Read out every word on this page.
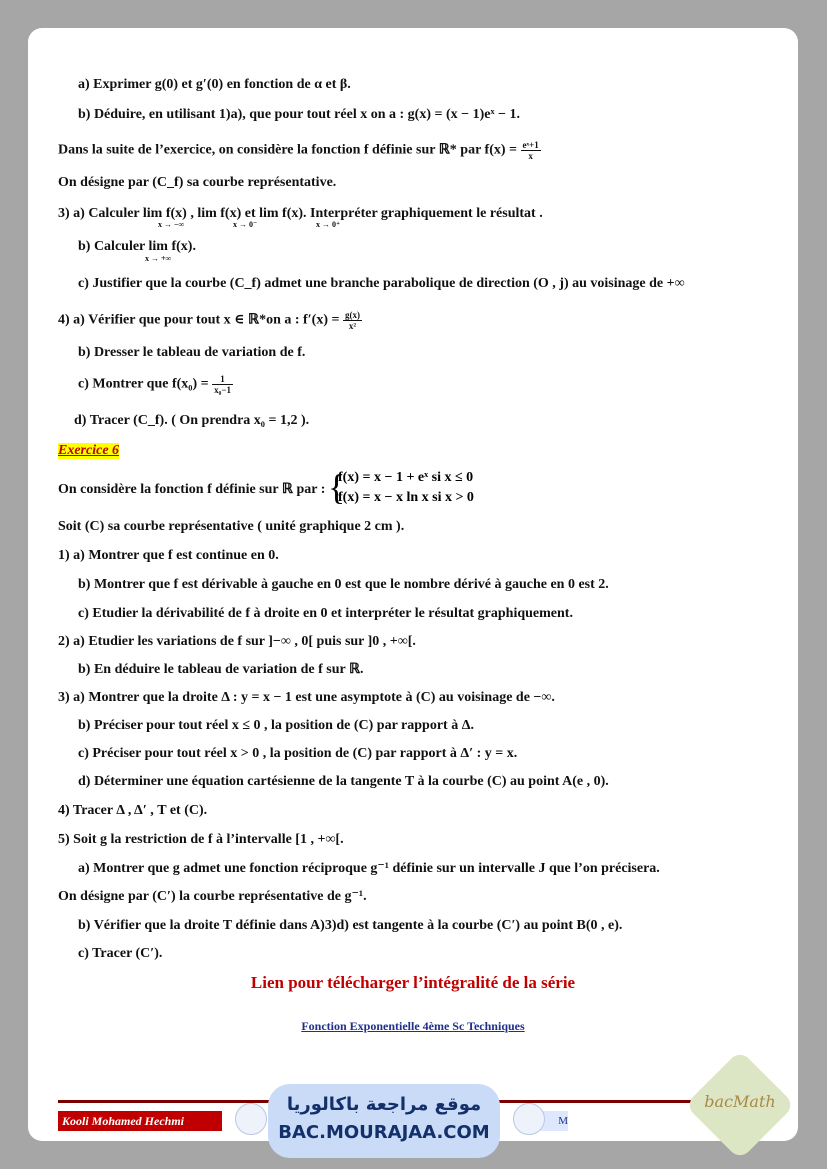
a) Exprimer g(0) et g′(0) en fonction de α et β.
b) Déduire, en utilisant 1)a), que pour tout réel x on a : g(x) = (x − 1)eˣ − 1.
Dans la suite de l’exercice, on considère la fonction f définie sur ℝ* par $f(x) = \frac{\text{eˣ+1}}{x}$
On désigne par (C_f) sa courbe représentative.
3) a) Calculer lim f(x) , lim f(x) et lim f(x). Interpréter graphiquement le résultat .
x → −∞	x → 0⁻	x → 0⁺
b) Calculer lim f(x).
x → +∞
c) Justifier que la courbe (C_f) admet une branche parabolique de direction (O , j) au voisinage de +∞
4) a) Vérifier que pour tout x ∈ ℝ*on a : $f'(x) = \frac{g(x)}{\text{x²}}$
b) Dresser le tableau de variation de f.
c) Montrer que $f(x_0) = \frac{1}{\text{x₀−1}}$
d) Tracer (C_f). ( On prendra x₀ = 1,2 ).
Exercice 6
On considère la fonction f définie sur ℝ par : {
f(x) = x − 1 + eˣ si x ≤ 0
f(x) = x − x ln x si x > 0
Soit (C) sa courbe représentative ( unité graphique 2 cm ).
1) a) Montrer que f est continue en 0.
b) Montrer que f est dérivable à gauche en 0 est que le nombre dérivé à gauche en 0 est 2.
c) Etudier la dérivabilité de f à droite en 0 et interpréter le résultat graphiquement.
2) a) Etudier les variations de f sur ]−∞ , 0[ puis sur ]0 , +∞[.
b) En déduire le tableau de variation de f sur ℝ.
3) a) Montrer que la droite Δ : y = x − 1 est une asymptote à (C) au voisinage de −∞.
b) Préciser pour tout réel x ≤ 0 , la position de (C) par rapport à Δ.
c) Préciser pour tout réel x > 0 , la position de (C) par rapport à Δ′ : y = x.
d) Déterminer une équation cartésienne de la tangente T à la courbe (C) au point A(e , 0).
4) Tracer Δ , Δ′ , T et (C).
5) Soit g la restriction de f à l’intervalle [1 , +∞[.
a) Montrer que g admet une fonction réciproque g⁻¹ définie sur un intervalle J que l’on précisera.
On désigne par (C′) la courbe représentative de g⁻¹.
b) Vérifier que la droite T définie dans A)3)d) est tangente à la courbe (C′) au point B(0 , e).
c) Tracer (C′).
Lien pour télécharger l’intégralité de la série
Fonction Exponentielle 4ème Sc Techniques
Kooli Mohamed Hechmi	M
موقع مراجعة باكالوريا
BAC.MOURAJAA.COM
bacMath
